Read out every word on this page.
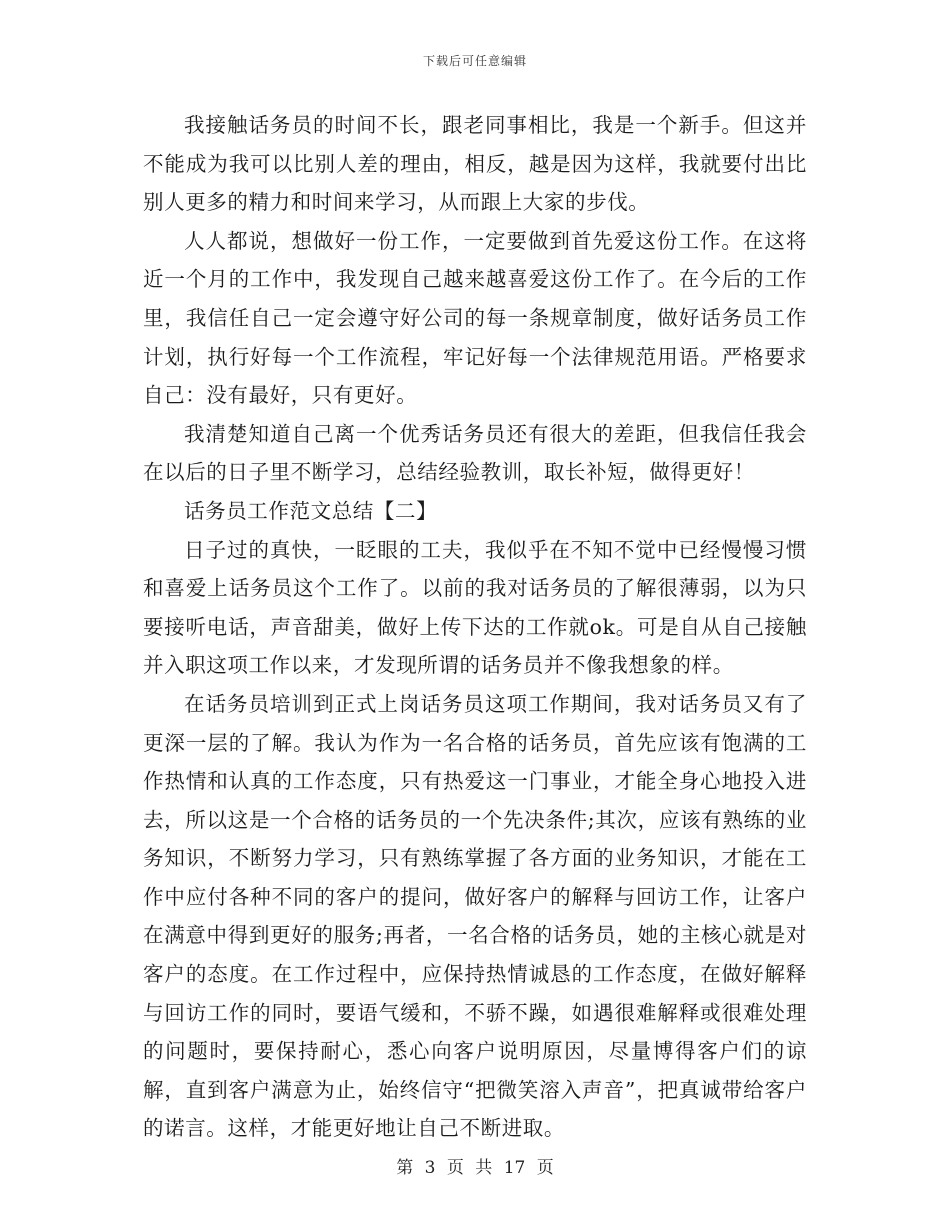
下载后可任意编辑

我接触话务员的时间不长，跟老同事相比，我是一个新手。但这并不能成为我可以比别人差的理由，相反，越是因为这样，我就要付出比别人更多的精力和时间来学习，从而跟上大家的步伐。

人人都说，想做好一份工作，一定要做到首先爱这份工作。在这将近一个月的工作中，我发现自己越来越喜爱这份工作了。在今后的工作里，我信任自己一定会遵守好公司的每一条规章制度，做好话务员工作计划，执行好每一个工作流程，牢记好每一个法律规范用语。严格要求自己：没有最好，只有更好。

我清楚知道自己离一个优秀话务员还有很大的差距，但我信任我会在以后的日子里不断学习，总结经验教训，取长补短，做得更好！

话务员工作范文总结【二】

日子过的真快，一眨眼的工夫，我似乎在不知不觉中已经慢慢习惯和喜爱上话务员这个工作了。以前的我对话务员的了解很薄弱，以为只要接听电话，声音甜美，做好上传下达的工作就ok。可是自从自己接触并入职这项工作以来，才发现所谓的话务员并不像我想象的样。

在话务员培训到正式上岗话务员这项工作期间，我对话务员又有了更深一层的了解。我认为作为一名合格的话务员，首先应该有饱满的工作热情和认真的工作态度，只有热爱这一门事业，才能全身心地投入进去，所以这是一个合格的话务员的一个先决条件;其次，应该有熟练的业务知识，不断努力学习，只有熟练掌握了各方面的业务知识，才能在工作中应付各种不同的客户的提问，做好客户的解释与回访工作，让客户在满意中得到更好的服务;再者，一名合格的话务员，她的主核心就是对客户的态度。在工作过程中，应保持热情诚恳的工作态度，在做好解释与回访工作的同时，要语气缓和，不骄不躁，如遇很难解释或很难处理的问题时，要保持耐心，悉心向客户说明原因，尽量博得客户们的谅解，直到客户满意为止，始终信守“把微笑溶入声音”，把真诚带给客户的诺言。这样，才能更好地让自己不断进取。

第 3 页 共 17 页
